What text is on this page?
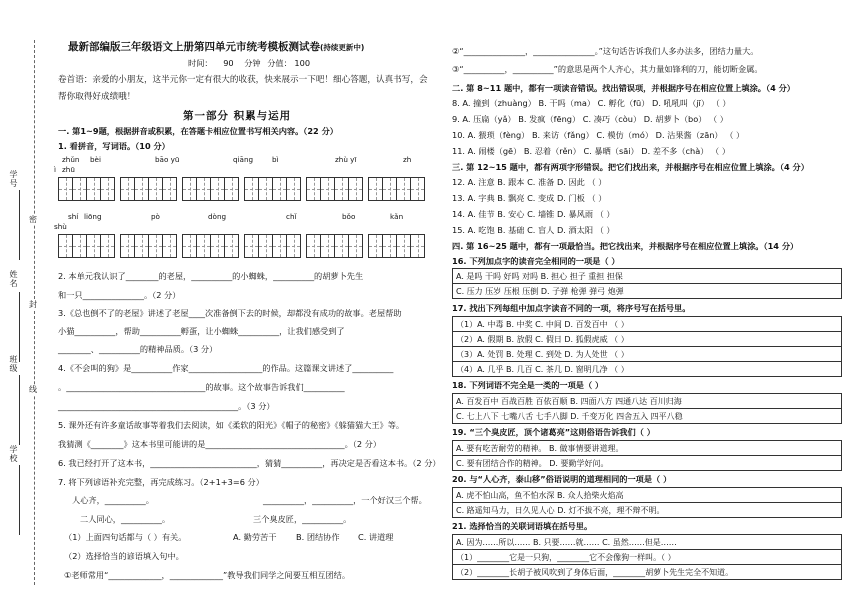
学号
姓名
班级
学校
密
封
线
最新部编版三年级语文上册第四单元市统考模板测试卷(持续更新中)
时间： 90 分钟 分值： 100
卷首语：亲爱的小朋友，这半元你一定有很大的收获，快来展示一下吧！细心答题，认真书写，会帮你取得好成绩哦！
第一部分 积累与运用
一. 第1~9题，根据拼音或积累，在答题卡相应位置书写相关内容。（22 分）
1. 看拼音，写词语。（10 分）
zhǔn bèi	bāo yū	qiāng	bì	zhù yī	zh
ì zhū
shí liōng	pò	dòng	chǐ	bǒo	kǎn
shù
2. 本单元我认识了________的老屋，__________的小蜘蛛，__________的胡萝卜先生
和一只_______________。（2 分）
3.《总也倒不了的老屋》讲述了老屋____次准备倒下去的时候，却都没有成功的故事。老屋帮助
小猫__________，帮助__________孵蛋，让小蜘蛛__________，让我们感受到了
________、__________的精神品质。（3 分）
4.《不会叫的狗》是__________作家__________________的作品。这篇课文讲述了__________
。__________________________________的故事。这个故事告诉我们__________
____________________________________________。（3 分）
5. 课外还有许多童话故事等着我们去阅读，如《柔软的阳光》《帽子的秘密》《躲猫猫大王》等。
我猜测《________》这本书里可能讲的是__________________________________。（2 分）
6. 我已经打开了这本书，__________________________，猜猜__________，再决定是否看这本书。（2 分）
7. 将下列谚语补充完整，再完成练习。（2+1+3=6 分）
人心齐，__________。	__________，__________，一个好汉三个帮。
二人同心，__________。	三个臭皮匠，__________。
（1）上面四句话都与（ ）有关。	A. 勤劳苦干 B. 团结协作 C. 讲道理
（2）选择恰当的谚语填入句中。
①老师常用“_____________，_____________”教导我们同学之间要互相互团结。
②“_______________，_______________。”这句话告诉我们人多办法多，团结力量大。
③“__________，__________”的意思是两个人齐心，其力量如锋利的刀，能切断金属。
二. 第 8~11 题中，都有一项读音错误。找出错误项，并根据序号在相应位置上填涂。（4 分）
8. A. 撞到（zhuàng） B. 干吗（ma） C. 孵化（fū） D. 吼吼叫（jī） （ ）
9. A. 压扁（yǎ） B. 发疯（fēng） C. 凑巧（còu） D. 胡萝卜（bo） （ ）
10. A. 猥琐（fèng） B. 来访（fǎng） C. 模仿（mó） D. 沾果酱（zān） （ ）
11. A. 闹楼（gē） B. 忍着（rěn） C. 暴晒（sāi） D. 差不多（chà） （ ）
三. 第 12~15 题中，都有两项字形错误。把它们找出来，并根据序号在相应位置上填涂。（4 分）
12. A. 注意 B. 跟本 C. 准备 D. 因此 （ ）
13. A. 字典 B. 飘亮 C. 变成 D. 门板 （ ）
14. A. 佳节 B. 安心 C. 墙锥 D. 暴风雨 （ ）
15. A. 吃饱 B. 基础 C. 盲人 D. 酒太阳 （ ）
四. 第 16~25 题中，都有一项最恰当。把它找出来，并根据序号在相应位置上填涂。（14 分）
16. 下列加点字的读音完全相同的一项是（ ）
A. 是吗 干吗 好吗 对吗 B. 担心 担子 重担 担保
C. 压力 压岁 压根 压倒 D. 子弹 枪弹 弹弓 炮弹
17. 找出下列每组中加点字读音不同的一项，将序号写在括号里。
（1）A. 中毒 B. 中奖 C. 中间 D. 百发百中 （ ）
（2）A. 假期 B. 放假 C. 假日 D. 狐假虎威 （ ）
（3）A. 处罚 B. 处理 C. 到处 D. 为人处世 （ ）
（4）A. 几乎 B. 几百 C. 茶几 D. 窗明几净 （ ）
18. 下列词语不完全是一类的一项是（ ）
A. 百发百中 百战百胜 百依百顺 B. 四面八方 四通八达 百川归海
C. 七上八下 七嘴八舌 七手八脚 D. 千变万化 四舍五入 四平八稳
19. “三个臭皮匠，顶个诸葛亮”这则俗语告诉我们（ ）
A. 要有吃苦耐劳的精神。 B. 做事情要讲道理。
C. 要有团结合作的精神。 D. 要勤学好问。
20. 与“人心齐，泰山移”俗语说明的道理相同的一项是（ ）
A. 虎不怕山高，鱼不怕水深 B. 众人拾柴火焰高
C. 路遥知马力，日久见人心 D. 灯不拔不亮，理不辩不明。
21. 选择恰当的关联词语填在括号里。
A. 因为……所以…… B. 只要……就…… C. 虽然……但是……
（1）________它是一只狗，________它不会像狗一样叫。（ ）
（2）________长胡子被风吹到了身体后面，________胡萝卜先生完全不知道。
